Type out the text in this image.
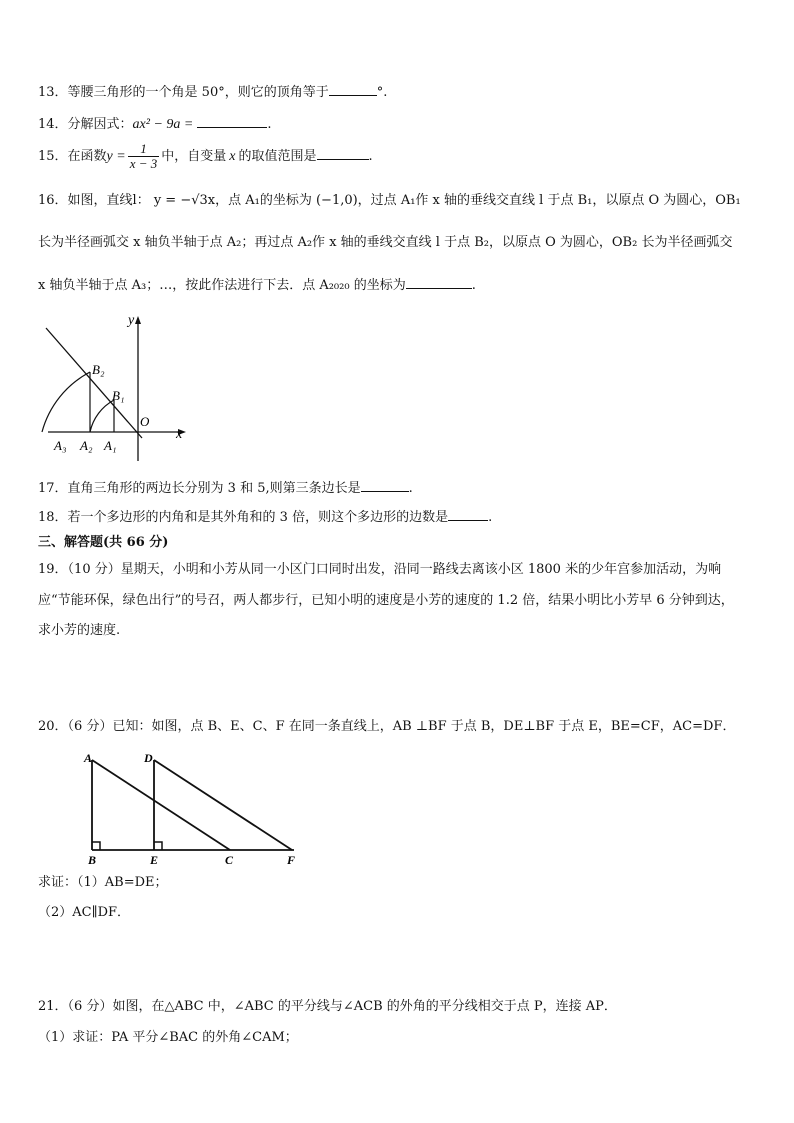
13．等腰三角形的一个角是 50°，则它的顶角等于	°.
14．分解因式：ax² − 9a =	.
15．在函数$y = \frac{1}{x - 3}$ 中，自变量 x 的取值范围是	.
16．如图，直线l： y = −√3x，点 A₁的坐标为 (−1,0)，过点 A₁作 x 轴的垂线交直线 l 于点 B₁，以原点 O 为圆心，OB₁
长为半径画弧交 x 轴负半轴于点 A₂；再过点 A₂作 x 轴的垂线交直线 l 于点 B₂，以原点 O 为圆心，OB₂ 长为半径画弧交
x 轴负半轴于点 A₃；…，按此作法进行下去．点 A₂₀₂₀ 的坐标为	.
y
x
O
B₂
B₁
A₃ A₂ A₁
17．直角三角形的两边长分别为 3 和 5,则第三条边长是	.
18．若一个多边形的内角和是其外角和的 3 倍，则这个多边形的边数是	.
三、解答题(共 66 分)
19．（10 分）星期天，小明和小芳从同一小区门口同时出发，沿同一路线去离该小区 1800 米的少年宫参加活动，为响
应“节能环保，绿色出行”的号召，两人都步行，已知小明的速度是小芳的速度的 1.2 倍，结果小明比小芳早 6 分钟到达，
求小芳的速度.
20．（6 分）已知：如图，点 B、E、C、F 在同一条直线上，AB ⊥BF 于点 B，DE⊥BF 于点 E，BE=CF，AC=DF．
A	D
B	E	C	F
求证：（1）AB=DE；
（2）AC∥DF．
21．（6 分）如图，在△ABC 中，∠ABC 的平分线与∠ACB 的外角的平分线相交于点 P，连接 AP．
（1）求证：PA 平分∠BAC 的外角∠CAM；
